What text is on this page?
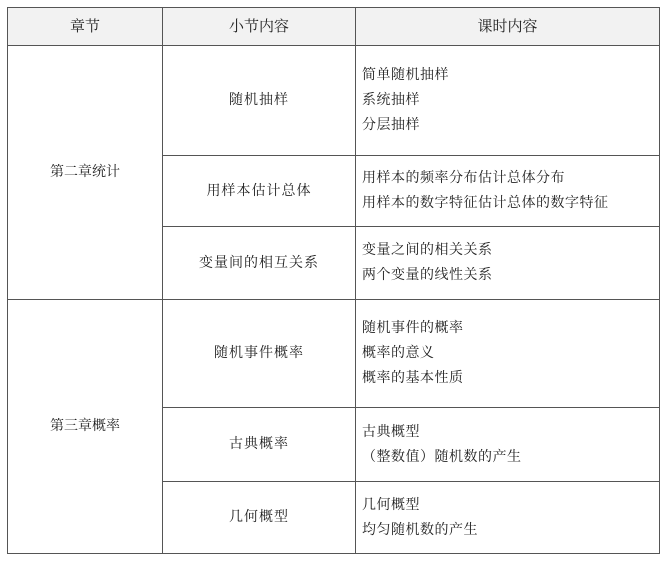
章节	小节内容	课时内容
第二章统计	随机抽样	简单随机抽样
系统抽样
分层抽样

	用样本估计总体	用样本的频率分布估计总体分布
用样本的数字特征估计总体的数字特征

	变量间的相互关系	变量之间的相关关系
两个变量的线性关系

第三章概率	随机事件概率	随机事件的概率
概率的意义
概率的基本性质

	古典概率	古典概型
（整数值）随机数的产生

	几何概型	几何概型
均匀随机数的产生
